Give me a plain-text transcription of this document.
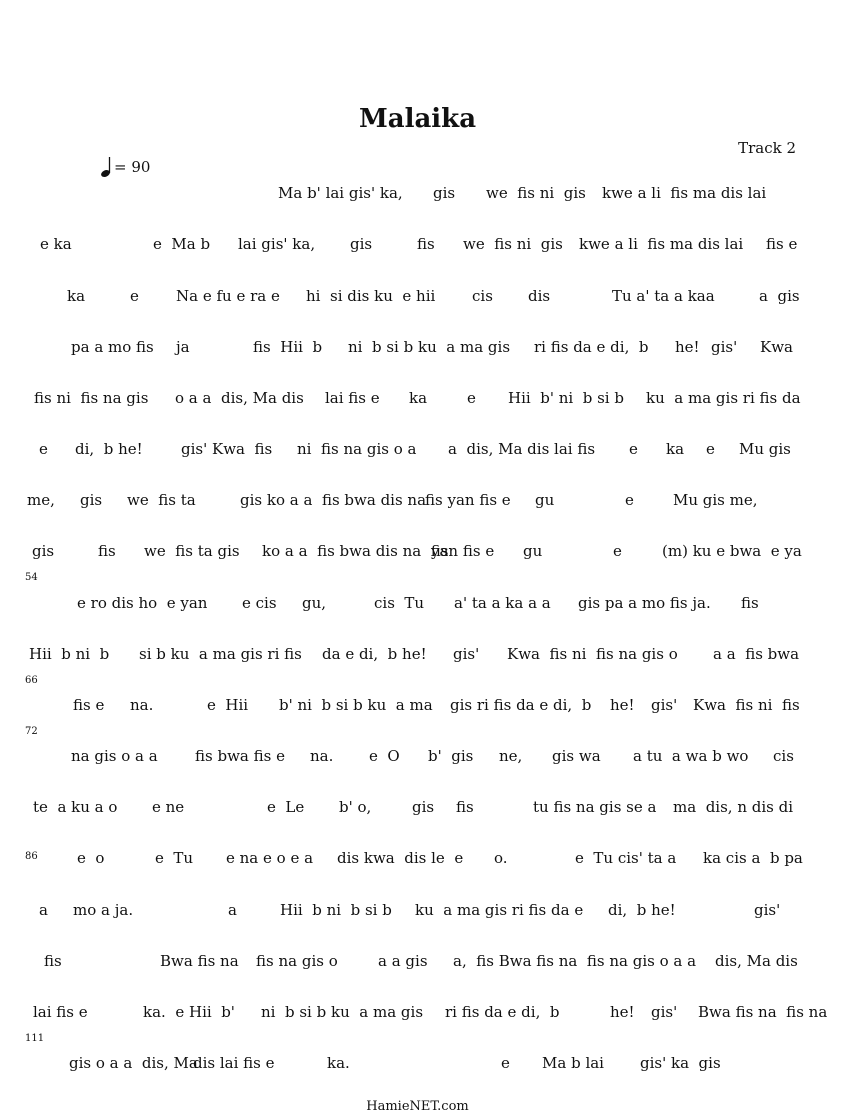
Malaika
Track 2
= 90
Ma b' lai gis' ka, gis we  fis ni  gis kwe a li  fis ma dis lai
e ka	e  Ma b lai gis' ka, gis	fis we  fis ni  gis kwe a li  fis ma dis lai fis e
ka	e Na e fu e ra e hi  si dis ku  e hii cis dis	Tu a' ta a kaa	a  gis
pa a mo fis ja	fis  Hii  b ni  b si b ku  a ma gis ri fis da e di,  b he! gis' Kwa
fis ni  fis na gis o a a  dis, Ma dis lai fis e ka	e Hii  b' ni  b si b ku  a ma gis ri fis da
e di,  b he!	gis' Kwa  fis ni  fis na gis o a a  dis, Ma dis lai fis e ka e Mu gis
me, gis we  fis ta	gis ko a a  fis bwa dis na
fis yan fis e gu	e	Mu gis me,
gis	fis we  fis ta gis ko a a  fis bwa dis na  fis
yan fis e gu	e	(m) ku e bwa  e ya
e ro dis ho  e yan e cis gu,	cis  Tu a' ta a ka a a gis pa a mo fis ja. fis
Hii  b ni  b si b ku  a ma gis ri fis da e di,  b he! gis' Kwa  fis ni  fis na gis o a a  fis bwa
fis e na.	e  Hii b' ni  b si b ku  a ma gis ri fis da e di,  b he! gis' Kwa  fis ni  fis
na gis o a a fis bwa fis e na. e  O b'  gis ne, gis wa a tu  a wa b wo cis
te  a ku a o e ne	e  Le b' o,	gis fis	tu fis na gis se a ma  dis, n dis di
e  o	e  Tu e na e o e a dis kwa  dis le  e o.	e  Tu cis' ta a ka cis a  b pa
a mo a ja.	a	Hii  b ni  b si b ku  a ma gis ri fis da e di,  b he!	gis'
fis	Bwa fis na fis na gis o	a a gis a,  fis Bwa fis na  fis na gis o a a dis, Ma dis
lai fis e	ka.  e Hii  b' ni  b si b ku  a ma gis ri fis da e di,  b	he! gis' Bwa fis na  fis na
gis o a a  dis, Ma
dis lai fis e	ka.	e Ma b lai gis' ka  gis
54
66
72
86
111
HamieNET.com
